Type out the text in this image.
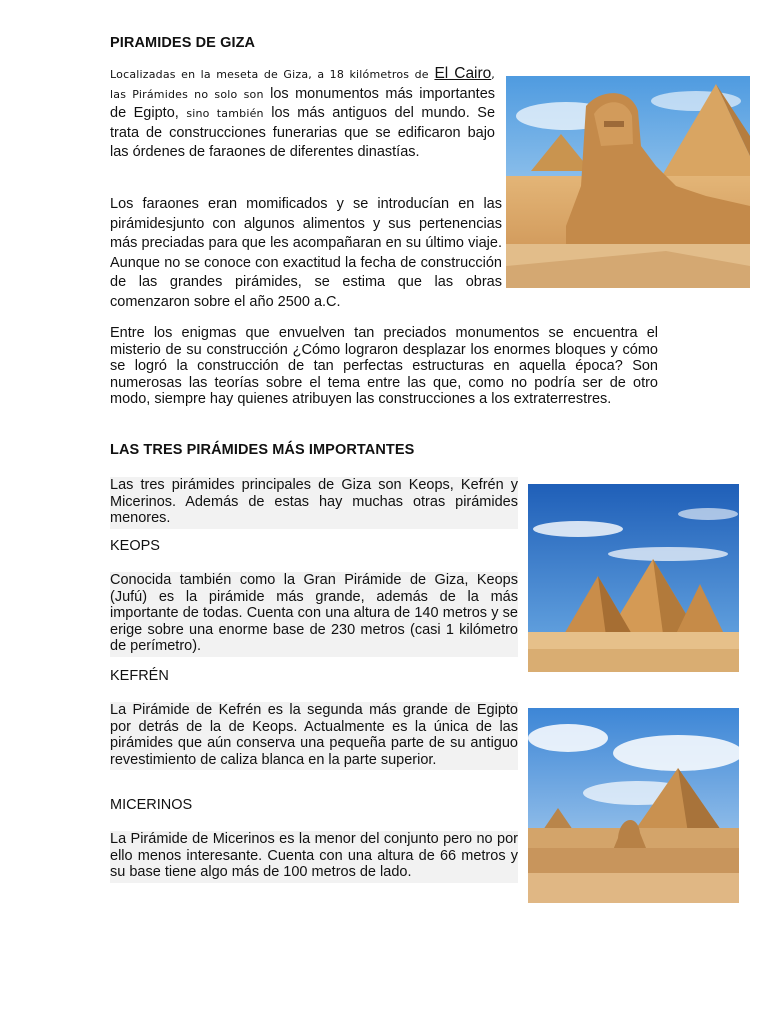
PIRAMIDES DE GIZA

Localizadas en la meseta de Giza, a 18 kilómetros de El Cairo, las Pirámides no solo son los monumentos más importantes de Egipto, sino también los más antiguos del mundo. Se trata de construcciones funerarias que se edificaron bajo las órdenes de faraones de diferentes dinastías.

Los faraones eran momificados y se introducían en las pirámidesjunto con algunos alimentos y sus pertenencias más preciadas para que les acompañaran en su último viaje. Aunque no se conoce con exactitud la fecha de construcción de las grandes pirámides, se estima que las obras comenzaron sobre el año 2500 a.C.

Entre los enigmas que envuelven tan preciados monumentos se encuentra el misterio de su construcción ¿Cómo lograron desplazar los enormes bloques y cómo se logró la construcción de tan perfectas estructuras en aquella época? Son numerosas las teorías sobre el tema entre las que, como no podría ser de otro modo, siempre hay quienes atribuyen las construcciones a los extraterrestres.

LAS TRES PIRÁMIDES MÁS IMPORTANTES

Las tres pirámides principales de Giza son Keops, Kefrén y Micerinos. Además de estas hay muchas otras pirámides menores.

KEOPS

Conocida también como la Gran Pirámide de Giza, Keops (Jufú) es la pirámide más grande, además de la más importante de todas. Cuenta con una altura de 140 metros y se erige sobre una enorme base de 230 metros (casi 1 kilómetro de perímetro).

KEFRÉN

La Pirámide de Kefrén es la segunda más grande de Egipto por detrás de la de Keops. Actualmente es la única de las pirámides que aún conserva una pequeña parte de su antiguo revestimiento de caliza blanca en la parte superior.

MICERINOS

La Pirámide de Micerinos es la menor del conjunto pero no por ello menos interesante. Cuenta con una altura de 66 metros y su base tiene algo más de 100 metros de lado.
